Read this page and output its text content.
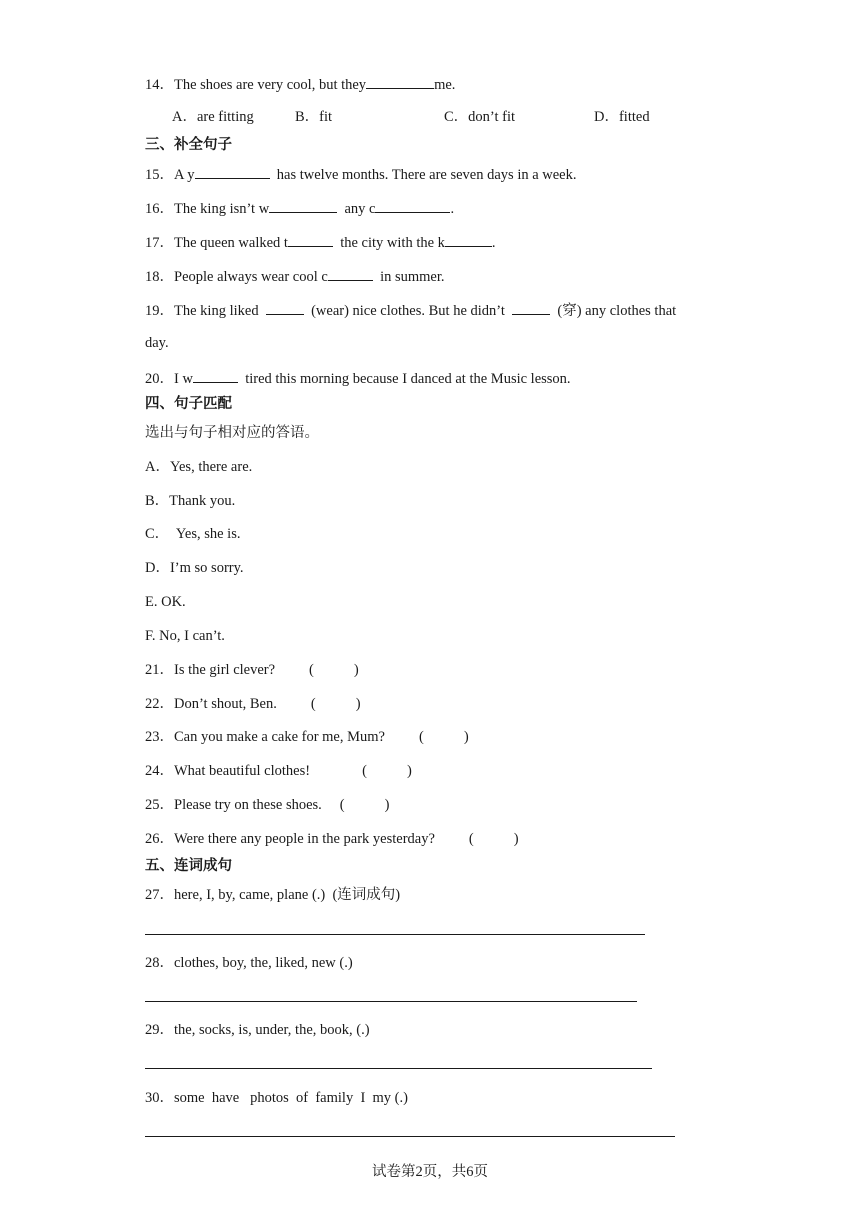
14．The shoes are very cool, but they	me.
A．are fitting	B．fit	C．don’t fit	D．fitted
三、补全句子
15．A y	has twelve months. There are seven days in a week.
16．The king isn’t w	any c	.
17．The queen walked t	the city with the k	.
18．People always wear cool c	in summer.
19．The king liked	(wear) nice clothes. But he didn’t	(穿) any clothes that
day.
20．I w	tired this morning because I danced at the Music lesson.
四、句子匹配
选出与句子相对应的答语。
A．Yes, there are.
B．Thank you.
C．  Yes, she is.
D．I’m so sorry.
E. OK.
F. No, I can’t.
21．Is the girl clever? (	)
22．Don’t shout, Ben. (	)
23．Can you make a cake for me, Mum? (	)
24．What beautiful clothes!	(	)
25．Please try on these shoes. (	)
26．Were there any people in the park yesterday? (	)
五、连词成句
27．here, I, by, came, plane (.)  (连词成句)
28．clothes, boy, the, liked, new (.)
29．the, socks, is, under, the, book, (.)
30．some  have   photos  of  family  I  my (.)
试卷第2页，共6页
